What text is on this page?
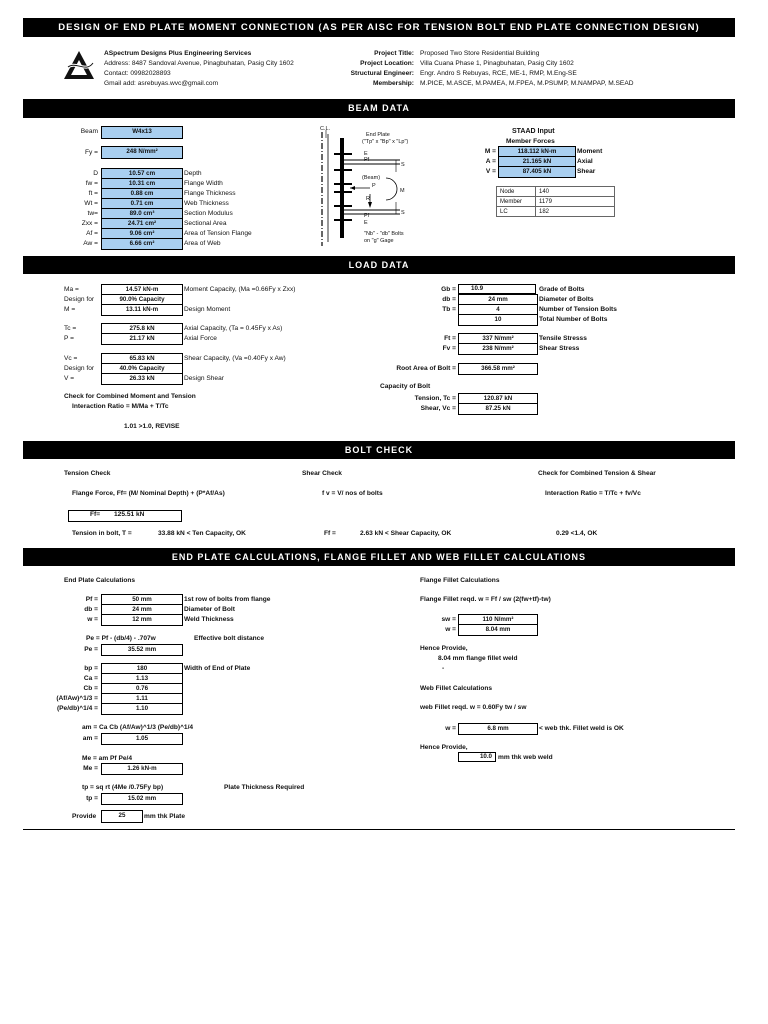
DESIGN OF END PLATE MOMENT CONNECTION (AS PER AISC FOR TENSION BOLT END PLATE CONNECTION DESIGN)
ASpectrum Designs Plus Engineering Services
Address: 8487 Sandoval Avenue, Pinagbuhatan, Pasig City 1602
Contact: 09982028893
Gmail add: asrebuyas.wvc@gmail.com
Project Title: Proposed Two Store Residential Building
Project Location: Villa Cuana Phase 1, Pinagbuhatan, Pasig City 1602
Structural Engineer: Engr. Andro S Rebuyas, RCE, ME-1, RMP, M.Eng-SE
Membership: M.PICE, M.ASCE, M.PAMEA, M.FPEA, M.PSUMP, M.NAMPAP, M.SEAD
BEAM DATA
Beam	W4x13
Fy =	248 N/mm²
D	10.57 cm	Depth
fw =	10.31 cm	Flange Width
ft =	0.88 cm	Flange Thickness
Wt =	0.71 cm	Web Thickness
tw=	89.0 cm³	Section Modulus
Zxx =	24.71 cm²	Sectional Area
Af =	9.06 cm²	Area of Tension Flange
Aw =	6.66 cm²	Area of Web
C.L.
End Plate
("Tp" x "Bp" x "Lp")
E
Pf
S
(Beam)
P
M
R
Pf
E
S
"Nb" - "db" Bolts
on "g" Gage
STAAD Input
Member Forces
M =	118.112 kN-m	Moment
A =	21.165 kN	Axial
V =	87.405 kN	Shear
Node	140
Member	1179
LC	182
LOAD DATA
Ma =	14.57 kN-m	Moment Capacity, (Ma =0.66Fy x Zxx)
Design for	90.0% Capacity
M =	13.11 kN-m	Design Moment
Tc =	275.8 kN	Axial Capacity, (Ta = 0.45Fy x As)
P =	21.17 kN	Axial Force
Vc =	65.83 kN	Shear Capacity, (Va =0.40Fy x Aw)
Design for	40.0% Capacity
V =	26.33 kN	Design Shear
Check for Combined Moment and Tension
Interaction Ratio = M/Ma + T/Tc
1.01 >1.0, REVISE
Gb =	10.9	Grade of Bolts
db =	24 mm	Diameter of Bolts
Tb =	4	Number of Tension Bolts
10	Total Number of Bolts
Ft =	337 N/mm²	Tensile Stresss
Fv =	238 N/mm²	Shear Stress
Root Area of Bolt =	366.58 mm²
Capacity of Bolt
Tension, Tc =	120.87 kN
Shear, Vc =	87.25 kN
BOLT CHECK
Tension Check	Shear Check	Check for Combined Tension & Shear
Flange Force, Ff= (M/ Nominal Depth) + (P*Af/As)	f v = V/ nos of bolts	Interaction Ratio = T/Tc + fv/Vc
Ff= 125.51 kN
Tension in bolt, T =	33.88 kN < Ten Capacity, OK	Ff =	2.63 kN < Shear Capacity, OK	0.29 <1.4, OK
END PLATE CALCULATIONS, FLANGE FILLET AND WEB FILLET CALCULATIONS
End Plate Calculations
Pf =	50 mm	1st row of bolts from flange
db =	24 mm	Diameter of Bolt
w =	12 mm	Weld Thickness
Pe = Pf - (db/4) - .707w	Effective bolt distance
Pe =	35.52 mm
bp =	180	Width of End of Plate
Ca =	1.13
Cb =	0.76
(Af/Aw)^1/3 =	1.11
(Pe/db)^1/4 =	1.10
am = Ca Cb (Af/Aw)^1/3 (Pe/db)^1/4
am =	1.05
Me = am Pf Pe/4
Me =	1.26 kN-m
tp = sq rt (4Me /0.75Fy bp)	Plate Thickness Required
tp =	15.02 mm
Provide	25	mm thk Plate
Flange Fillet Calculations
Flange Fillet reqd. w = Ff / sw (2(fw+tf)-tw)
sw =	110 N/mm²
w =	8.04 mm
Hence Provide,
8.04 mm flange fillet weld
-
Web Fillet Calculations
web Fillet reqd. w = 0.60Fy tw / sw
w =	6.8 mm	< web thk. Fillet weld is OK
Hence Provide,
10.0 mm thk web weld
